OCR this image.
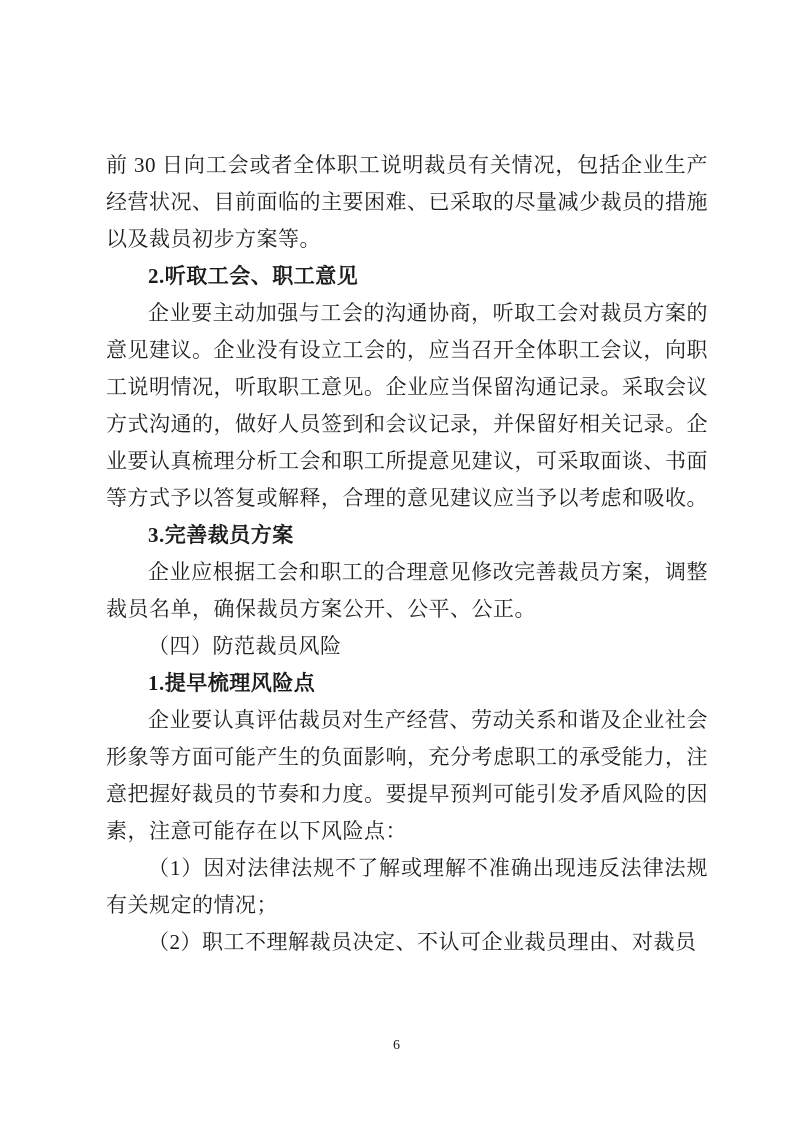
前 30 日向工会或者全体职工说明裁员有关情况，包括企业生产经营状况、目前面临的主要困难、已采取的尽量减少裁员的措施以及裁员初步方案等。

2.听取工会、职工意见

企业要主动加强与工会的沟通协商，听取工会对裁员方案的意见建议。企业没有设立工会的，应当召开全体职工会议，向职工说明情况，听取职工意见。企业应当保留沟通记录。采取会议方式沟通的，做好人员签到和会议记录，并保留好相关记录。企业要认真梳理分析工会和职工所提意见建议，可采取面谈、书面等方式予以答复或解释，合理的意见建议应当予以考虑和吸收。

3.完善裁员方案

企业应根据工会和职工的合理意见修改完善裁员方案，调整裁员名单，确保裁员方案公开、公平、公正。

（四）防范裁员风险

1.提早梳理风险点

企业要认真评估裁员对生产经营、劳动关系和谐及企业社会形象等方面可能产生的负面影响，充分考虑职工的承受能力，注意把握好裁员的节奏和力度。要提早预判可能引发矛盾风险的因素，注意可能存在以下风险点：

（1）因对法律法规不了解或理解不准确出现违反法律法规有关规定的情况；

（2）职工不理解裁员决定、不认可企业裁员理由、对裁员

6
